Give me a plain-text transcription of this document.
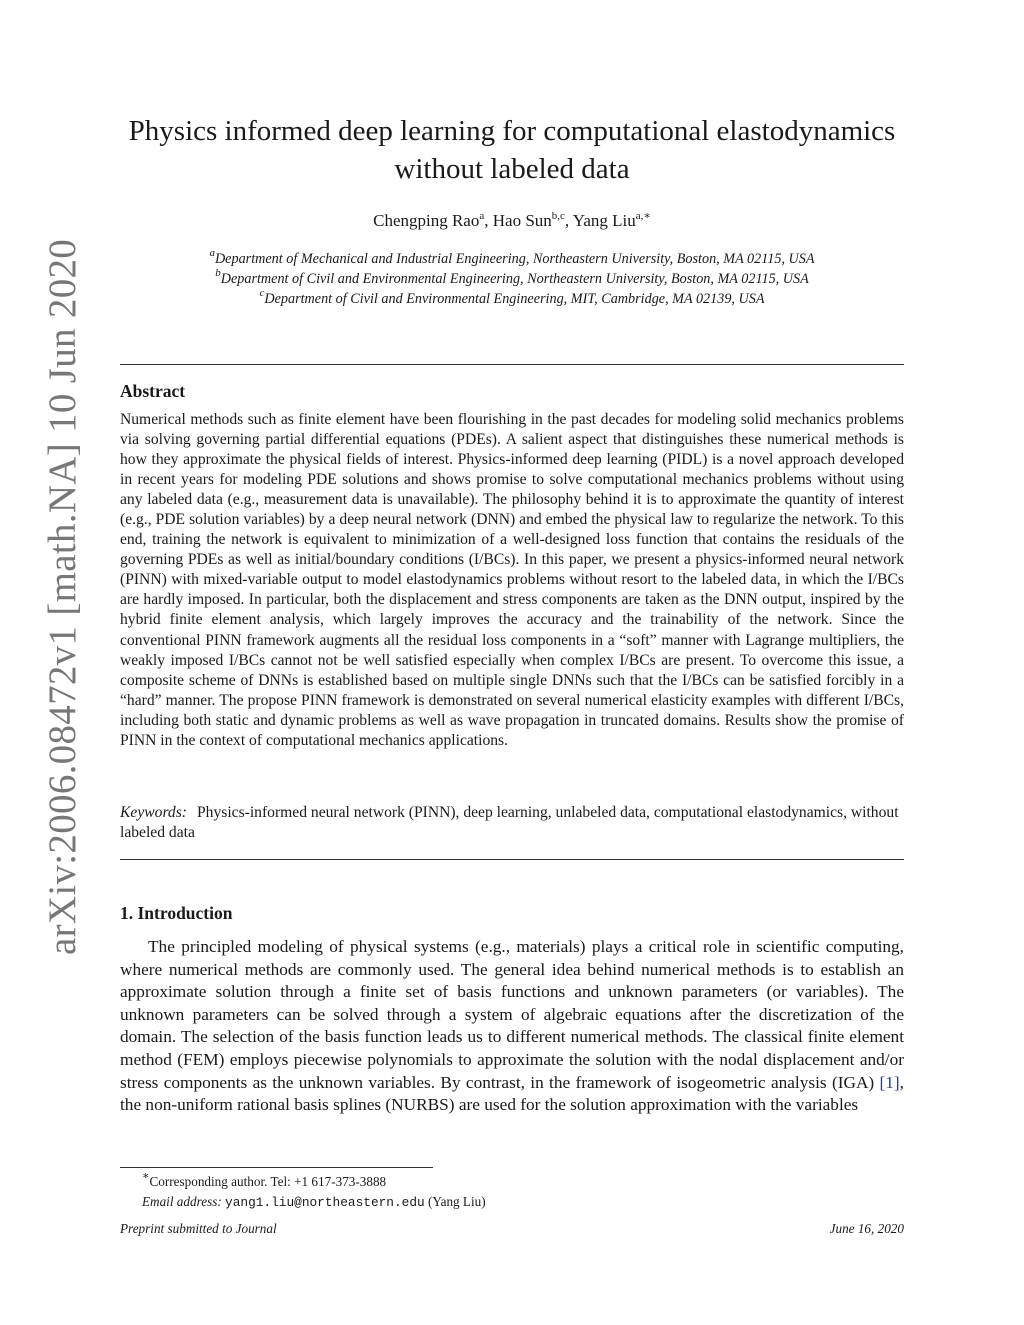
arXiv:2006.08472v1 [math.NA] 10 Jun 2020
Physics informed deep learning for computational elastodynamics
without labeled data
Chengping Rao$^a$, Hao Sun$^{b,c}$, Yang Liu$^{a,∗}$
$^a$Department of Mechanical and Industrial Engineering, Northeastern University, Boston, MA 02115, USA
$^b$Department of Civil and Environmental Engineering, Northeastern University, Boston, MA 02115, USA
$^c$Department of Civil and Environmental Engineering, MIT, Cambridge, MA 02139, USA
Abstract
Numerical methods such as finite element have been flourishing in the past decades for modeling solid mechanics problems via solving governing partial differential equations (PDEs). A salient aspect that distinguishes these numerical methods is how they approximate the physical fields of interest. Physics-informed deep learning (PIDL) is a novel approach developed in recent years for modeling PDE solutions and shows promise to solve computational mechanics problems without using any labeled data (e.g., measurement data is unavailable). The philosophy behind it is to approximate the quantity of interest (e.g., PDE solution variables) by a deep neural network (DNN) and embed the physical law to regularize the network. To this end, training the network is equivalent to minimization of a well-designed loss function that contains the residuals of the governing PDEs as well as initial/boundary conditions (I/BCs). In this paper, we present a physics-informed neural network (PINN) with mixed-variable output to model elastodynamics problems without resort to the labeled data, in which the I/BCs are hardly imposed. In particular, both the displacement and stress components are taken as the DNN output, inspired by the hybrid finite element analysis, which largely improves the accuracy and the trainability of the network. Since the conventional PINN framework augments all the residual loss components in a “soft” manner with Lagrange multipliers, the weakly imposed I/BCs cannot not be well satisfied especially when complex I/BCs are present. To overcome this issue, a composite scheme of DNNs is established based on multiple single DNNs such that the I/BCs can be satisfied forcibly in a “hard” manner. The propose PINN framework is demonstrated on several numerical elasticity examples with different I/BCs, including both static and dynamic problems as well as wave propagation in truncated domains. Results show the promise of PINN in the context of computational mechanics applications.
Keywords: Physics-informed neural network (PINN), deep learning, unlabeled data, computational elastodynamics, without labeled data
1. Introduction
The principled modeling of physical systems (e.g., materials) plays a critical role in scientific computing, where numerical methods are commonly used. The general idea behind numerical methods is to establish an approximate solution through a finite set of basis functions and unknown parameters (or variables). The unknown parameters can be solved through a system of algebraic equations after the discretization of the domain. The selection of the basis function leads us to different numerical methods. The classical finite element method (FEM) employs piecewise polynomials to approximate the solution with the nodal displacement and/or stress components as the unknown variables. By contrast, in the framework of isogeometric analysis (IGA) [1], the non-uniform rational basis splines (NURBS) are used for the solution approximation with the variables
∗Corresponding author. Tel: +1 617-373-3888
Email address: yang1.liu@northeastern.edu (Yang Liu)
Preprint submitted to Journal	June 16, 2020
